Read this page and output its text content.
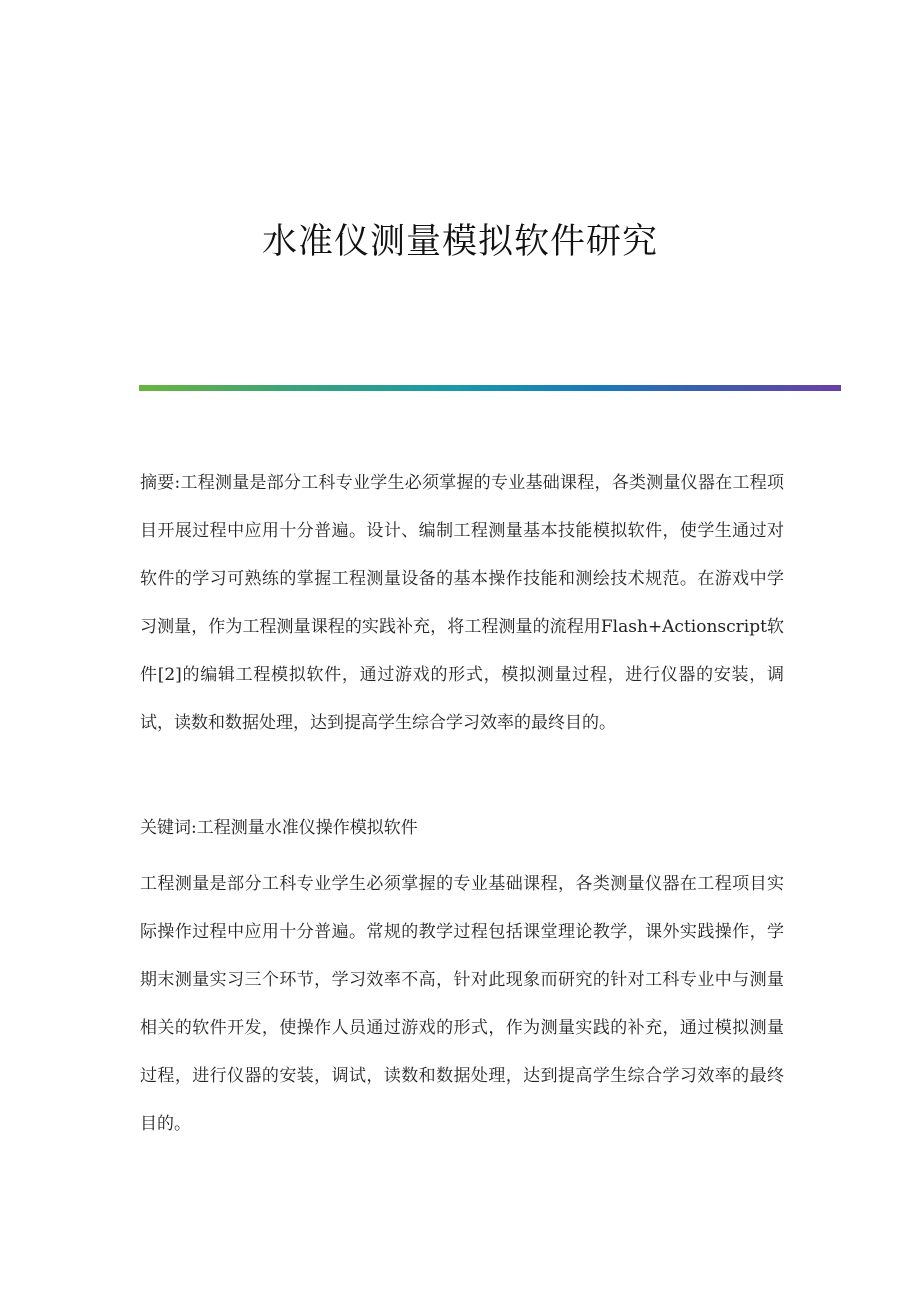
水准仪测量模拟软件研究

摘要:工程测量是部分工科专业学生必须掌握的专业基础课程，各类测量仪器在工程项目开展过程中应用十分普遍。设计、编制工程测量基本技能模拟软件，使学生通过对软件的学习可熟练的掌握工程测量设备的基本操作技能和测绘技术规范。在游戏中学习测量，作为工程测量课程的实践补充，将工程测量的流程用Flash+Actionscript软件[2]的编辑工程模拟软件，通过游戏的形式，模拟测量过程，进行仪器的安装，调试，读数和数据处理，达到提高学生综合学习效率的最终目的。

关键词:工程测量水准仪操作模拟软件

工程测量是部分工科专业学生必须掌握的专业基础课程，各类测量仪器在工程项目实际操作过程中应用十分普遍。常规的教学过程包括课堂理论教学，课外实践操作，学期末测量实习三个环节，学习效率不高，针对此现象而研究的针对工科专业中与测量相关的软件开发，使操作人员通过游戏的形式，作为测量实践的补充，通过模拟测量过程，进行仪器的安装，调试，读数和数据处理，达到提高学生综合学习效率的最终目的。
